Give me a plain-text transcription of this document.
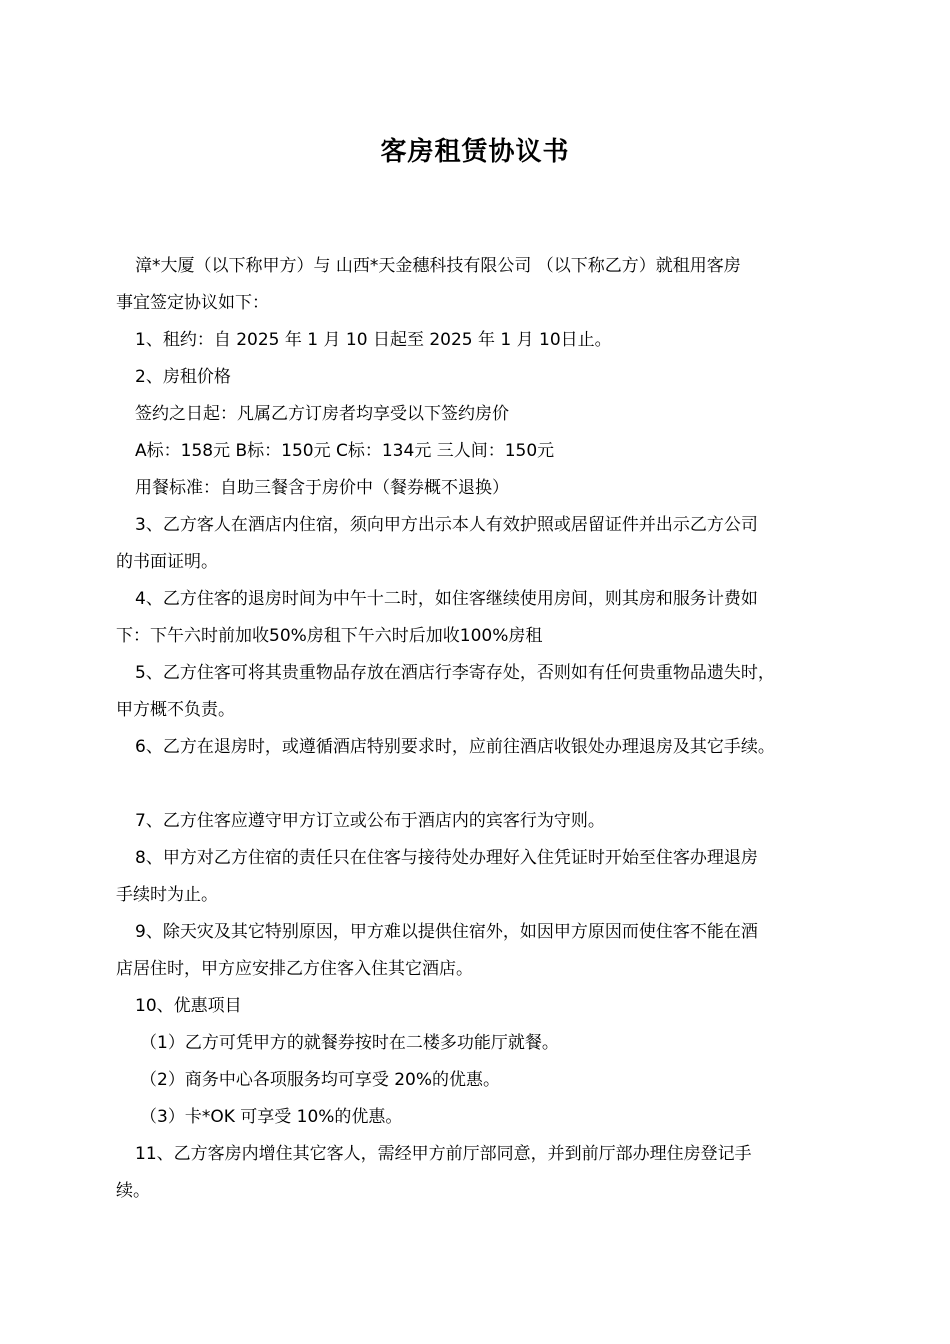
客房租赁协议书

漳*大厦（以下称甲方）与 山西*天金穗科技有限公司 （以下称乙方）就租用客房

事宜签定协议如下：

1、租约：自 2025 年 1 月 10 日起至 2025 年 1 月 10日止。

2、房租价格

签约之日起：凡属乙方订房者均享受以下签约房价

A标：158元 B标：150元 C标：134元 三人间：150元

用餐标准：自助三餐含于房价中（餐券概不退换）

3、乙方客人在酒店内住宿，须向甲方出示本人有效护照或居留证件并出示乙方公司

的书面证明。

4、乙方住客的退房时间为中午十二时，如住客继续使用房间，则其房和服务计费如

下：下午六时前加收50%房租下午六时后加收100%房租

5、乙方住客可将其贵重物品存放在酒店行李寄存处，否则如有任何贵重物品遗失时，

甲方概不负责。

6、乙方在退房时，或遵循酒店特别要求时，应前往酒店收银处办理退房及其它手续。

7、乙方住客应遵守甲方订立或公布于酒店内的宾客行为守则。

8、甲方对乙方住宿的责任只在住客与接待处办理好入住凭证时开始至住客办理退房

手续时为止。

9、除天灾及其它特别原因，甲方难以提供住宿外，如因甲方原因而使住客不能在酒

店居住时，甲方应安排乙方住客入住其它酒店。

10、优惠项目

（1）乙方可凭甲方的就餐券按时在二楼多功能厅就餐。

（2）商务中心各项服务均可享受 20%的优惠。

（3）卡*OK 可享受 10%的优惠。

11、乙方客房内增住其它客人，需经甲方前厅部同意，并到前厅部办理住房登记手

续。
